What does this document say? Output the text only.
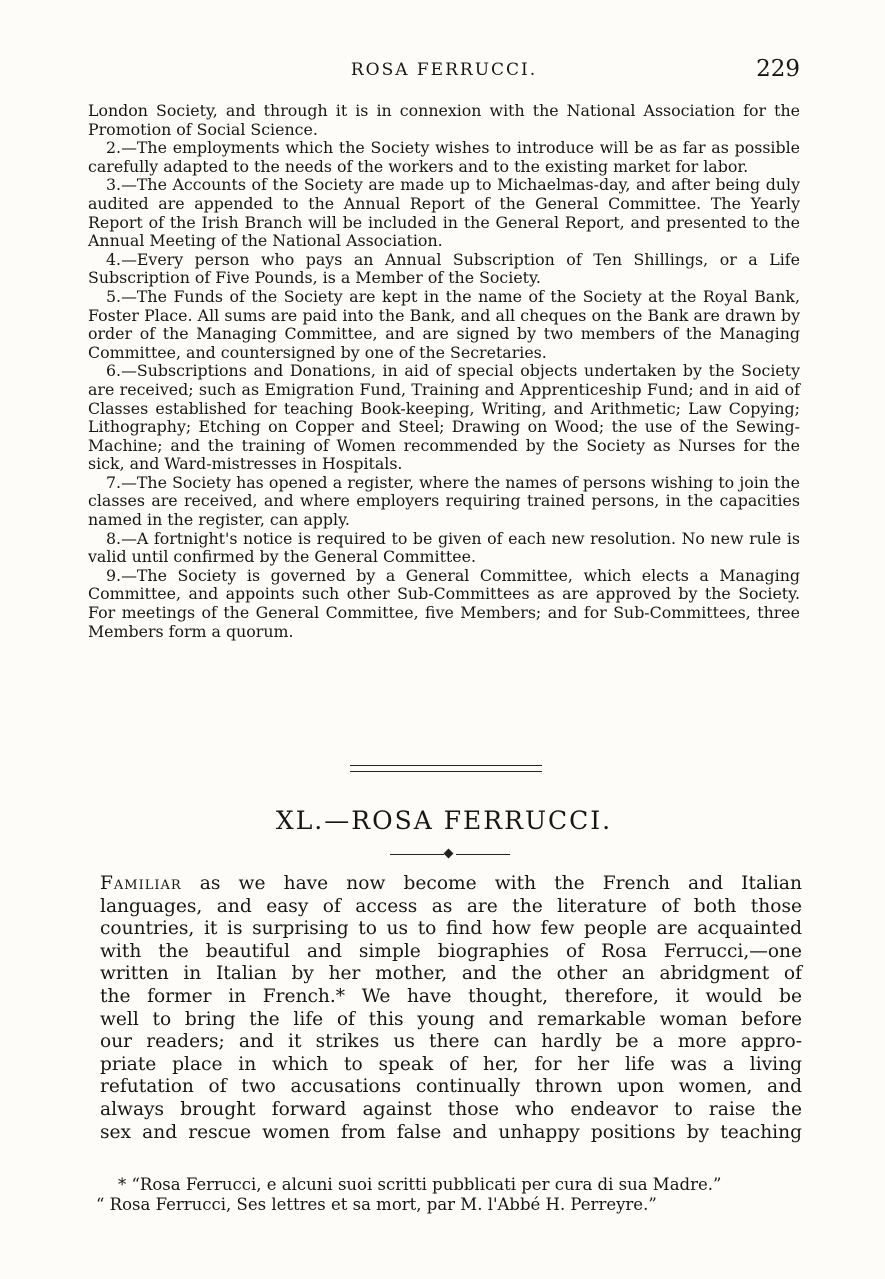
ROSA FERRUCCI.	229

London Society, and through it is in connexion with the National Association for the Promotion of Social Science.

2.—The employments which the Society wishes to introduce will be as far as possible carefully adapted to the needs of the workers and to the existing market for labor.

3.—The Accounts of the Society are made up to Michaelmas-day, and after being duly audited are appended to the Annual Report of the General Committee. The Yearly Report of the Irish Branch will be included in the General Report, and presented to the Annual Meeting of the National Association.

4.—Every person who pays an Annual Subscription of Ten Shillings, or a Life Subscription of Five Pounds, is a Member of the Society.

5.—The Funds of the Society are kept in the name of the Society at the Royal Bank, Foster Place. All sums are paid into the Bank, and all cheques on the Bank are drawn by order of the Managing Committee, and are signed by two members of the Managing Committee, and countersigned by one of the Secretaries.

6.—Subscriptions and Donations, in aid of special objects undertaken by the Society are received; such as Emigration Fund, Training and Apprenticeship Fund; and in aid of Classes established for teaching Book-keeping, Writing, and Arithmetic; Law Copying; Lithography; Etching on Copper and Steel; Drawing on Wood; the use of the Sewing-Machine; and the training of Women recommended by the Society as Nurses for the sick, and Ward-mistresses in Hospitals.

7.—The Society has opened a register, where the names of persons wishing to join the classes are received, and where employers requiring trained persons, in the capacities named in the register, can apply.

8.—A fortnight's notice is required to be given of each new resolution. No new rule is valid until confirmed by the General Committee.

9.—The Society is governed by a General Committee, which elects a Managing Committee, and appoints such other Sub-Committees as are approved by the Society. For meetings of the General Committee, five Members; and for Sub-Committees, three Members form a quorum.

XL.—ROSA FERRUCCI.
Familiar as we have now become with the French and Italian
languages, and easy of access as are the literature of both those
countries, it is surprising to us to find how few people are acquainted
with the beautiful and simple biographies of Rosa Ferrucci,—one
written in Italian by her mother, and the other an abridgment of
the former in French.* We have thought, therefore, it would be
well to bring the life of this young and remarkable woman before
our readers; and it strikes us there can hardly be a more appro-
priate place in which to speak of her, for her life was a living
refutation of two accusations continually thrown upon women, and
always brought forward against those who endeavor to raise the
sex and rescue women from false and unhappy positions by teaching

* “Rosa Ferrucci, e alcuni suoi scritti pubblicati per cura di sua Madre.”

“ Rosa Ferrucci, Ses lettres et sa mort, par M. l'Abbé H. Perreyre.”
